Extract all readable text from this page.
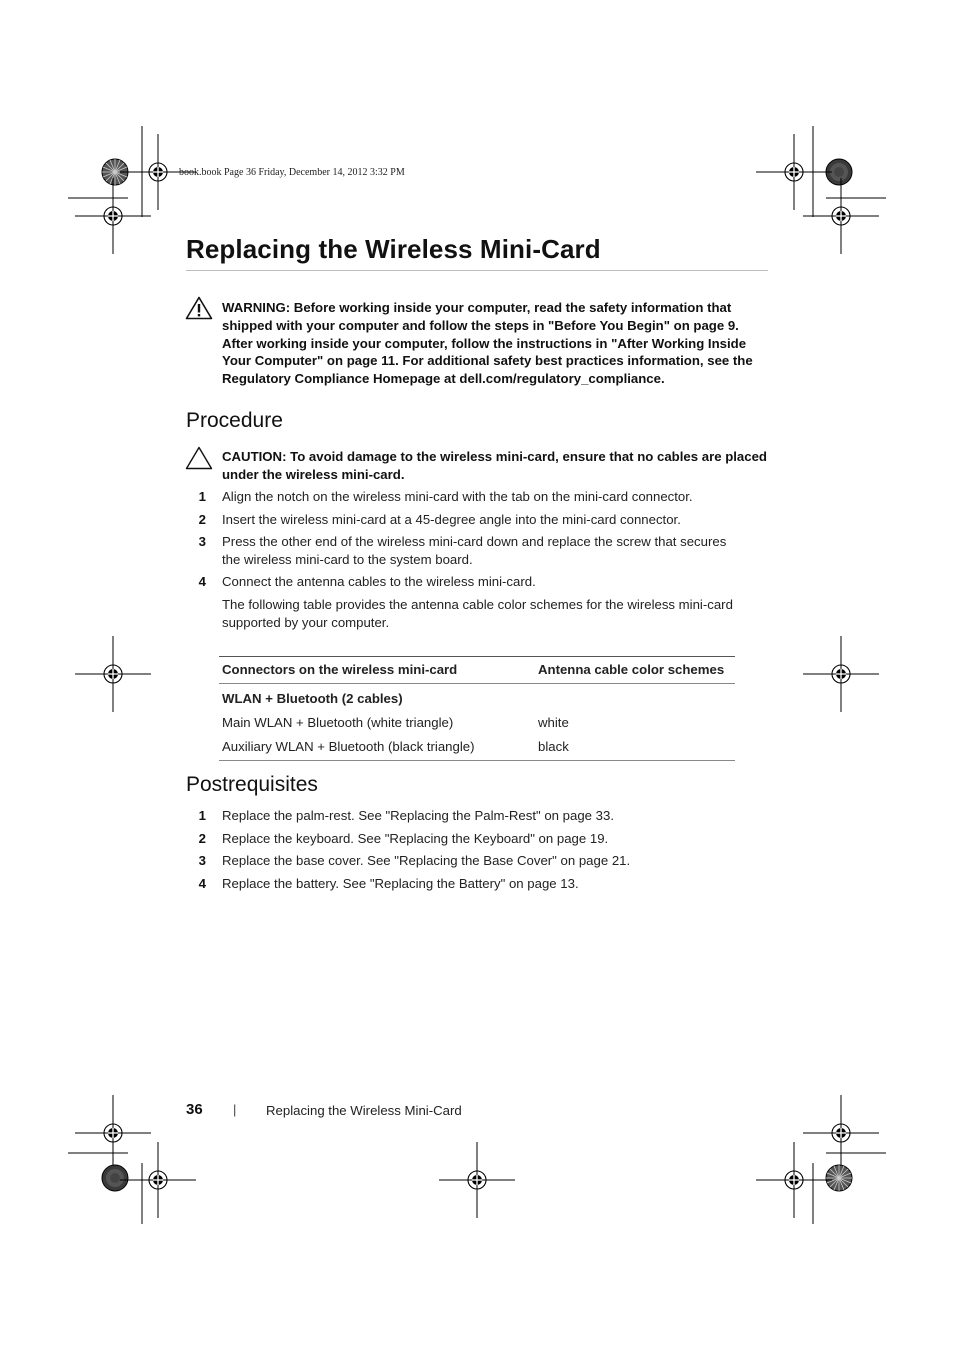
book.book Page 36 Friday, December 14, 2012 3:32 PM
Replacing the Wireless Mini-Card
WARNING: Before working inside your computer, read the safety information that shipped with your computer and follow the steps in "Before You Begin" on page 9. After working inside your computer, follow the instructions in "After Working Inside Your Computer" on page 11. For additional safety best practices information, see the Regulatory Compliance Homepage at dell.com/regulatory_compliance.
Procedure
CAUTION: To avoid damage to the wireless mini-card, ensure that no cables are placed under the wireless mini-card.
1 Align the notch on the wireless mini-card with the tab on the mini-card connector.
2 Insert the wireless mini-card at a 45-degree angle into the mini-card connector.
3 Press the other end of the wireless mini-card down and replace the screw that secures the wireless mini-card to the system board.
4 Connect the antenna cables to the wireless mini-card.
The following table provides the antenna cable color schemes for the wireless mini-card supported by your computer.
Connectors on the wireless mini-card	Antenna cable color schemes
WLAN + Bluetooth (2 cables)	
Main WLAN + Bluetooth (white triangle)	white
Auxiliary WLAN + Bluetooth (black triangle)	black
Postrequisites
1 Replace the palm-rest. See "Replacing the Palm-Rest" on page 33.
2 Replace the keyboard. See "Replacing the Keyboard" on page 19.
3 Replace the base cover. See "Replacing the Base Cover" on page 21.
4 Replace the battery. See "Replacing the Battery" on page 13.
36 | Replacing the Wireless Mini-Card
